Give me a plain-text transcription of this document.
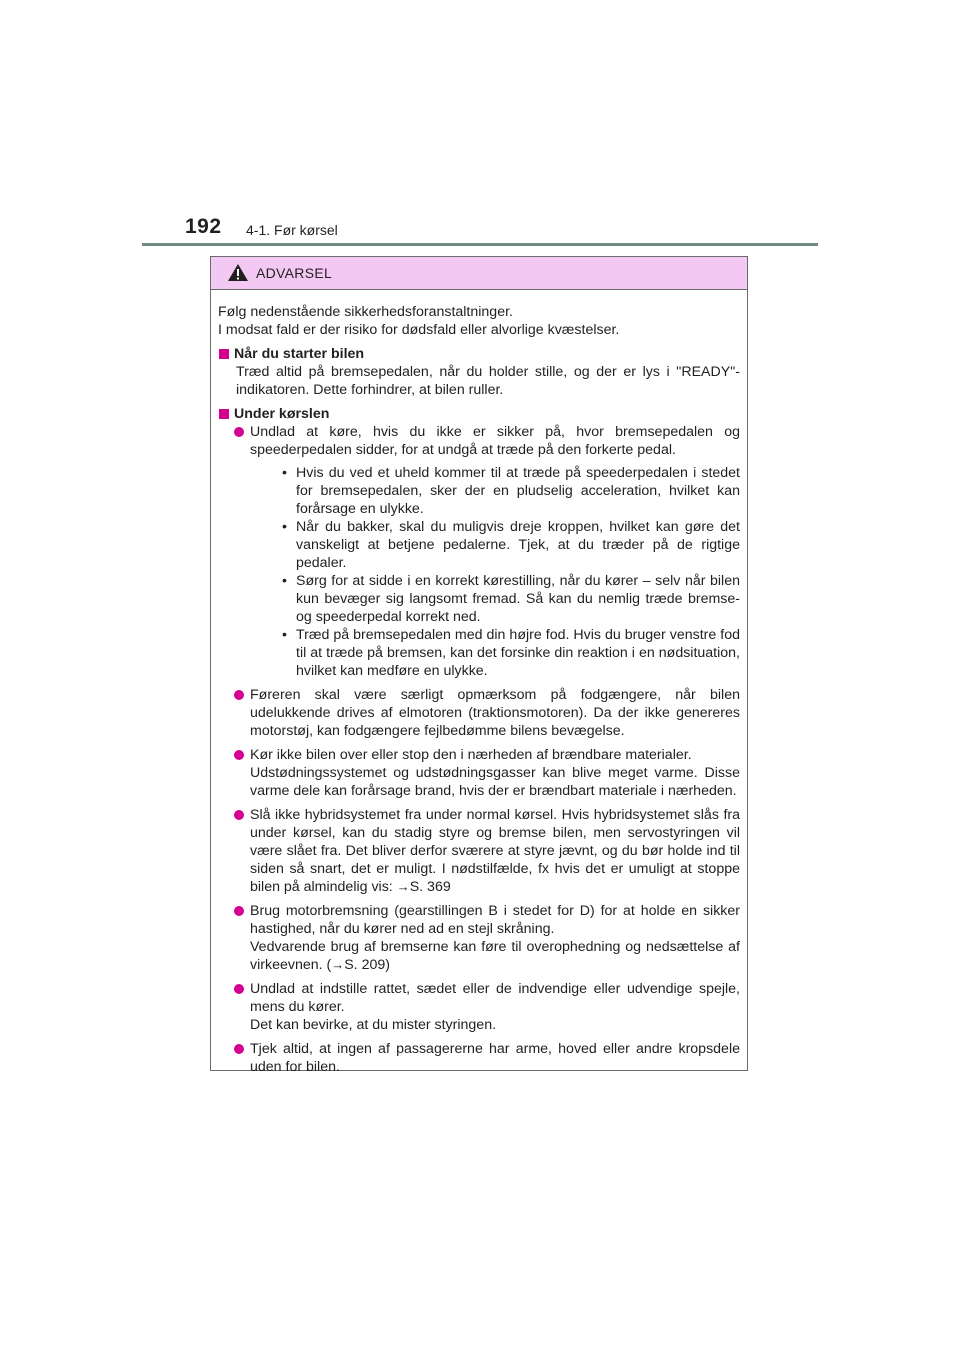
192 4-1. Før kørsel
ADVARSEL

Følg nedenstående sikkerhedsforanstaltninger.

I modsat fald er der risiko for dødsfald eller alvorlige kvæstelser.

Når du starter bilen

Træd altid på bremsepedalen, når du holder stille, og der er lys i "READY"-indikatoren. Dette forhindrer, at bilen ruller.

Under kørslen

Undlad at køre, hvis du ikke er sikker på, hvor bremsepedalen og speederpedalen sidder, for at undgå at træde på den forkerte pedal.
• Hvis du ved et uheld kommer til at træde på speederpedalen i stedet for bremsepedalen, sker der en pludselig acceleration, hvilket kan forårsage en ulykke.
• Når du bakker, skal du muligvis dreje kroppen, hvilket kan gøre det vanskeligt at betjene pedalerne. Tjek, at du træder på de rigtige pedaler.
• Sørg for at sidde i en korrekt kørestilling, når du kører – selv når bilen kun bevæger sig langsomt fremad. Så kan du nemlig træde bremse- og speederpedal korrekt ned.
• Træd på bremsepedalen med din højre fod. Hvis du bruger venstre fod til at træde på bremsen, kan det forsinke din reaktion i en nødsituation, hvilket kan medføre en ulykke.
Føreren skal være særligt opmærksom på fodgængere, når bilen udelukkende drives af elmotoren (traktionsmotoren). Da der ikke genereres motorstøj, kan fodgængere fejlbedømme bilens bevægelse.
Kør ikke bilen over eller stop den i nærheden af brændbare materialer.
Udstødningssystemet og udstødningsgasser kan blive meget varme. Disse varme dele kan forårsage brand, hvis der er brændbart materiale i nærheden.
Slå ikke hybridsystemet fra under normal kørsel. Hvis hybridsystemet slås fra under kørsel, kan du stadig styre og bremse bilen, men servostyringen vil være slået fra. Det bliver derfor sværere at styre jævnt, og du bør holde ind til siden så snart, det er muligt. I nødstilfælde, fx hvis det er umuligt at stoppe bilen på almindelig vis: →S. 369
Brug motorbremsning (gearstillingen B i stedet for D) for at holde en sikker hastighed, når du kører ned ad en stejl skråning.
Vedvarende brug af bremserne kan føre til overophedning og nedsættelse af virkeevnen. (→S. 209)
Undlad at indstille rattet, sædet eller de indvendige eller udvendige spejle, mens du kører.
Det kan bevirke, at du mister styringen.
Tjek altid, at ingen af passagererne har arme, hoved eller andre kropsdele uden for bilen.
